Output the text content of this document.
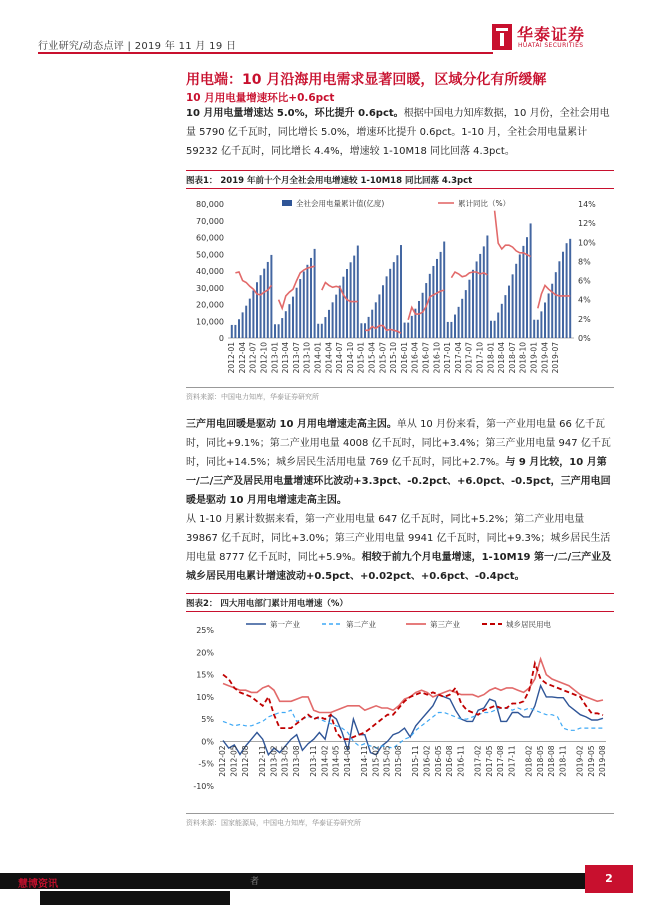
行业研究/动态点评 | 2019 年 11 月 19 日
华泰证券
HUATAI SECURITIES
用电端：10 月沿海用电需求显著回暖，区域分化有所缓解
10 月用电量增速环比+0.6pct
10 月用电量增速达 5.0%，环比提升 0.6pct。根据中国电力知库数据，10 月份，全社会用电量 5790 亿千瓦时，同比增长 5.0%，增速环比提升 0.6pct。1-10 月，全社会用电量累计 59232 亿千瓦时，同比增长 4.4%，增速较 1-10M18 同比回落 4.3pct。
图表1： 2019 年前十个月全社会用电增速较 1-10M18 同比回落 4.3pct
0
10,000
20,000
30,000
40,000
50,000
60,000
70,000
80,000
0%
2%
4%
6%
8%
10%
12%
14%
2012-01 2012-04 2012-07 2012-10 2013-01 2013-04 2013-07 2013-10 2014-01 2014-04 2014-07 2014-10 2015-01 2015-04 2015-07 2015-10 2016-01 2016-04 2016-07 2016-10 2017-01 2017-04 2017-07 2017-10 2018-01 2018-04 2018-07 2018-10 2019-01 2019-04 2019-07
全社会用电量累计值(亿度)	累计同比（%）
资料来源：中国电力知库，华泰证券研究所
三产用电回暖是驱动 10 月用电增速走高主因。单从 10 月份来看，第一产业用电量 66 亿千瓦时，同比+9.1%；第二产业用电量 4008 亿千瓦时，同比+3.4%；第三产业用电量 947 亿千瓦时，同比+14.5%；城乡居民生活用电量 769 亿千瓦时，同比+2.7%。与 9 月比较，10 月第一/二/三产及居民用电量增速环比波动+3.3pct、-0.2pct、+6.0pct、-0.5pct，三产用电回暖是驱动 10 月用电增速走高主因。
从 1-10 月累计数据来看，第一产业用电量 647 亿千瓦时，同比+5.2%；第二产业用电量 39867 亿千瓦时，同比+3.0%；第三产业用电量 9941 亿千瓦时，同比+9.3%；城乡居民生活用电量 8777 亿千瓦时，同比+5.9%。相较于前九个月电量增速，1-10M19 第一/二/三产业及城乡居民用电累计增速波动+0.5pct、+0.02pct、+0.6pct、-0.4pct。
图表2： 四大用电部门累计用电增速（%）
-10%
-5%
0%
5%
10%
15%
20%
25%
2012-02 2012-05 2012-08 2012-11 2013-02 2013-05 2013-08 2013-11 2014-02 2014-05 2014-08 2014-11 2015-02 2015-05 2015-08 2015-11 2016-02 2016-05 2016-08 2016-11 2017-02 2017-05 2017-08 2017-11 2018-02 2018-05 2018-08 2018-11 2019-02 2019-05 2019-08
第一产业	第二产业	第三产业	城乡居民用电
资料来源：国家能源局，中国电力知库，华泰证券研究所
慧博资讯
点
者	2
